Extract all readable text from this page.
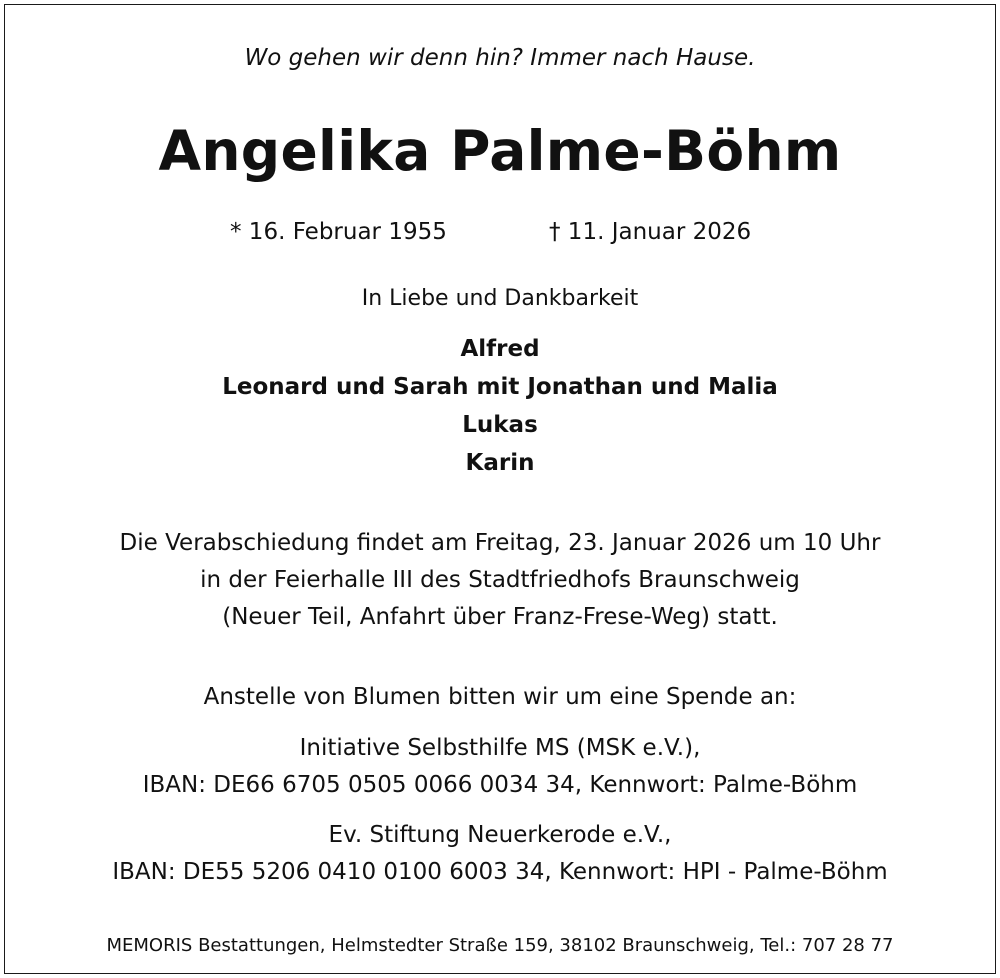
Wo gehen wir denn hin? Immer nach Hause.
Angelika Palme-Böhm
* 16. Februar 1955	† 11. Januar 2026
In Liebe und Dankbarkeit
Alfred
Leonard und Sarah mit Jonathan und Malia
Lukas
Karin
Die Verabschiedung findet am Freitag, 23. Januar 2026 um 10 Uhr
in der Feierhalle III des Stadtfriedhofs Braunschweig
(Neuer Teil, Anfahrt über Franz-Frese-Weg) statt.
Anstelle von Blumen bitten wir um eine Spende an:
Initiative Selbsthilfe MS (MSK e.V.),
IBAN: DE66 6705 0505 0066 0034 34, Kennwort: Palme-Böhm
Ev. Stiftung Neuerkerode e.V.,
IBAN: DE55 5206 0410 0100 6003 34, Kennwort: HPI - Palme-Böhm
MEMORIS Bestattungen, Helmstedter Straße 159, 38102 Braunschweig, Tel.: 707 28 77
